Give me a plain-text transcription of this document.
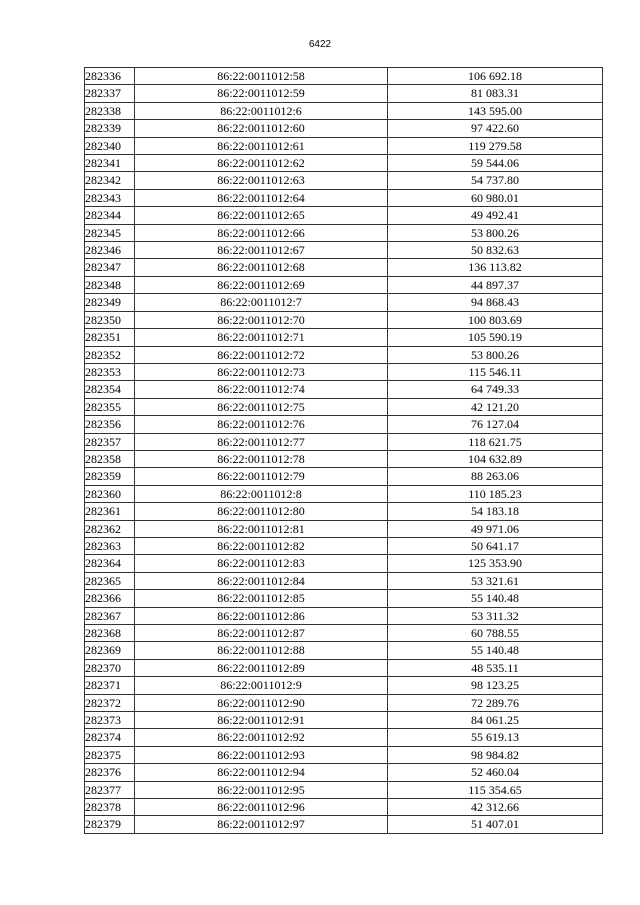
6422
282336	86:22:0011012:58	106 692.18
282337	86:22:0011012:59	81 083.31
282338	86:22:0011012:6	143 595.00
282339	86:22:0011012:60	97 422.60
282340	86:22:0011012:61	119 279.58
282341	86:22:0011012:62	59 544.06
282342	86:22:0011012:63	54 737.80
282343	86:22:0011012:64	60 980.01
282344	86:22:0011012:65	49 492.41
282345	86:22:0011012:66	53 800.26
282346	86:22:0011012:67	50 832.63
282347	86:22:0011012:68	136 113.82
282348	86:22:0011012:69	44 897.37
282349	86:22:0011012:7	94 868.43
282350	86:22:0011012:70	100 803.69
282351	86:22:0011012:71	105 590.19
282352	86:22:0011012:72	53 800.26
282353	86:22:0011012:73	115 546.11
282354	86:22:0011012:74	64 749.33
282355	86:22:0011012:75	42 121.20
282356	86:22:0011012:76	76 127.04
282357	86:22:0011012:77	118 621.75
282358	86:22:0011012:78	104 632.89
282359	86:22:0011012:79	88 263.06
282360	86:22:0011012:8	110 185.23
282361	86:22:0011012:80	54 183.18
282362	86:22:0011012:81	49 971.06
282363	86:22:0011012:82	50 641.17
282364	86:22:0011012:83	125 353.90
282365	86:22:0011012:84	53 321.61
282366	86:22:0011012:85	55 140.48
282367	86:22:0011012:86	53 311.32
282368	86:22:0011012:87	60 788.55
282369	86:22:0011012:88	55 140.48
282370	86:22:0011012:89	48 535.11
282371	86:22:0011012:9	98 123.25
282372	86:22:0011012:90	72 289.76
282373	86:22:0011012:91	84 061.25
282374	86:22:0011012:92	55 619.13
282375	86:22:0011012:93	98 984.82
282376	86:22:0011012:94	52 460.04
282377	86:22:0011012:95	115 354.65
282378	86:22:0011012:96	42 312.66
282379	86:22:0011012:97	51 407.01
